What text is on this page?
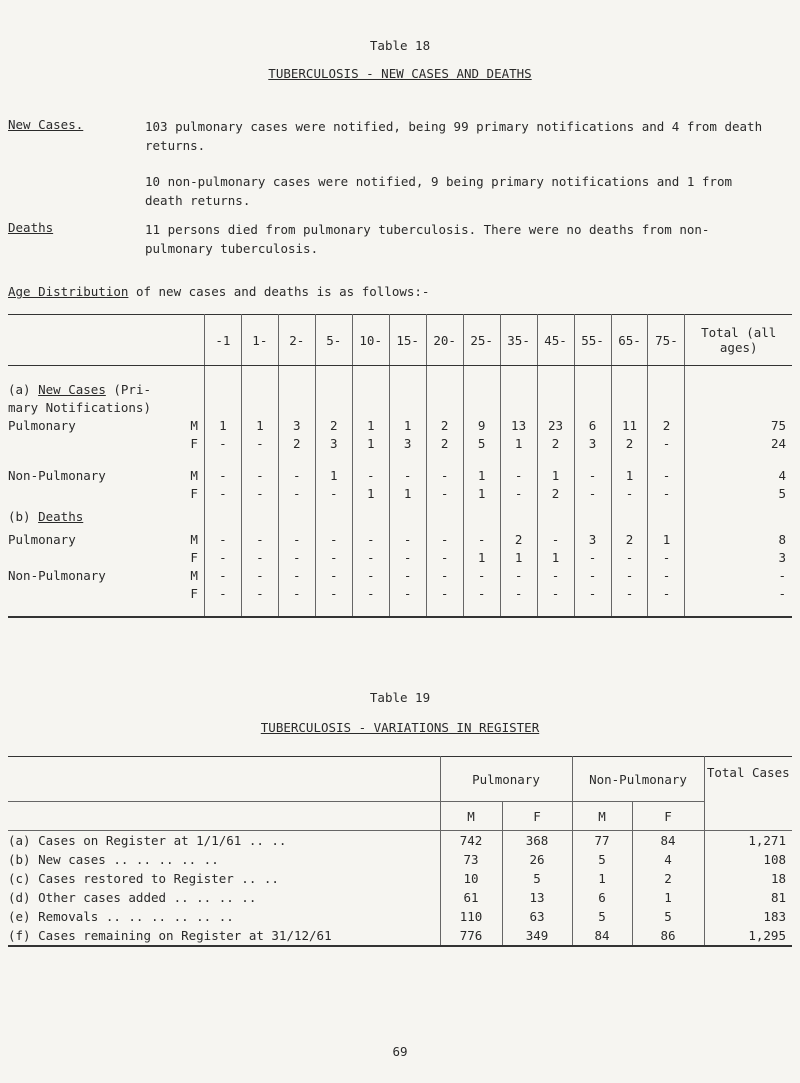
Table 18
TUBERCULOSIS - NEW CASES AND DEATHS
New Cases.	103 pulmonary cases were notified, being 99 primary notifications and 4 from death returns.
10 non-pulmonary cases were notified, 9 being primary notifications and 1 from death returns.
Deaths	11 persons died from pulmonary tuberculosis. There were no deaths from non-pulmonary tuberculosis.
Age Distribution of new cases and deaths is as follows:-
		-1	1-	2-	5-	10-	15-	20-	25-	35-	45-	55-	65-	75-	Total (all ages)

(a) New Cases (Pri-															
mary Notifications)															
Pulmonary	M	1	1	3	2	1	1	2	9	13	23	6	11	2	75
	F	-	-	2	3	1	3	2	5	1	2	3	2	-	24

Non-Pulmonary	M	-	-	-	1	-	-	-	1	-	1	-	1	-	4
	F	-	-	-	-	1	1	-	1	-	2	-	-	-	5
(b) Deaths															
Pulmonary	M	-	-	-	-	-	-	-	-	2	-	3	2	1	8
	F	-	-	-	-	-	-	-	1	1	1	-	-	-	3
Non-Pulmonary	M	-	-	-	-	-	-	-	-	-	-	-	-	-	-
	F	-	-	-	-	-	-	-	-	-	-	-	-	-	-

Table 19
TUBERCULOSIS - VARIATIONS IN REGISTER
	Pulmonary		Non-Pulmonary		Total Cases
	M	F	M	F	
(a) Cases on Register at 1/1/61 .. ..	742	368	77	84	1,271
(b) New cases .. .. .. .. ..	73	26	5	4	108
(c) Cases restored to Register .. ..	10	5	1	2	18
(d) Other cases added .. .. .. ..	61	13	6	1	81
(e) Removals .. .. .. .. .. ..	110	63	5	5	183
(f) Cases remaining on Register at 31/12/61	776	349	84	86	1,295
69
